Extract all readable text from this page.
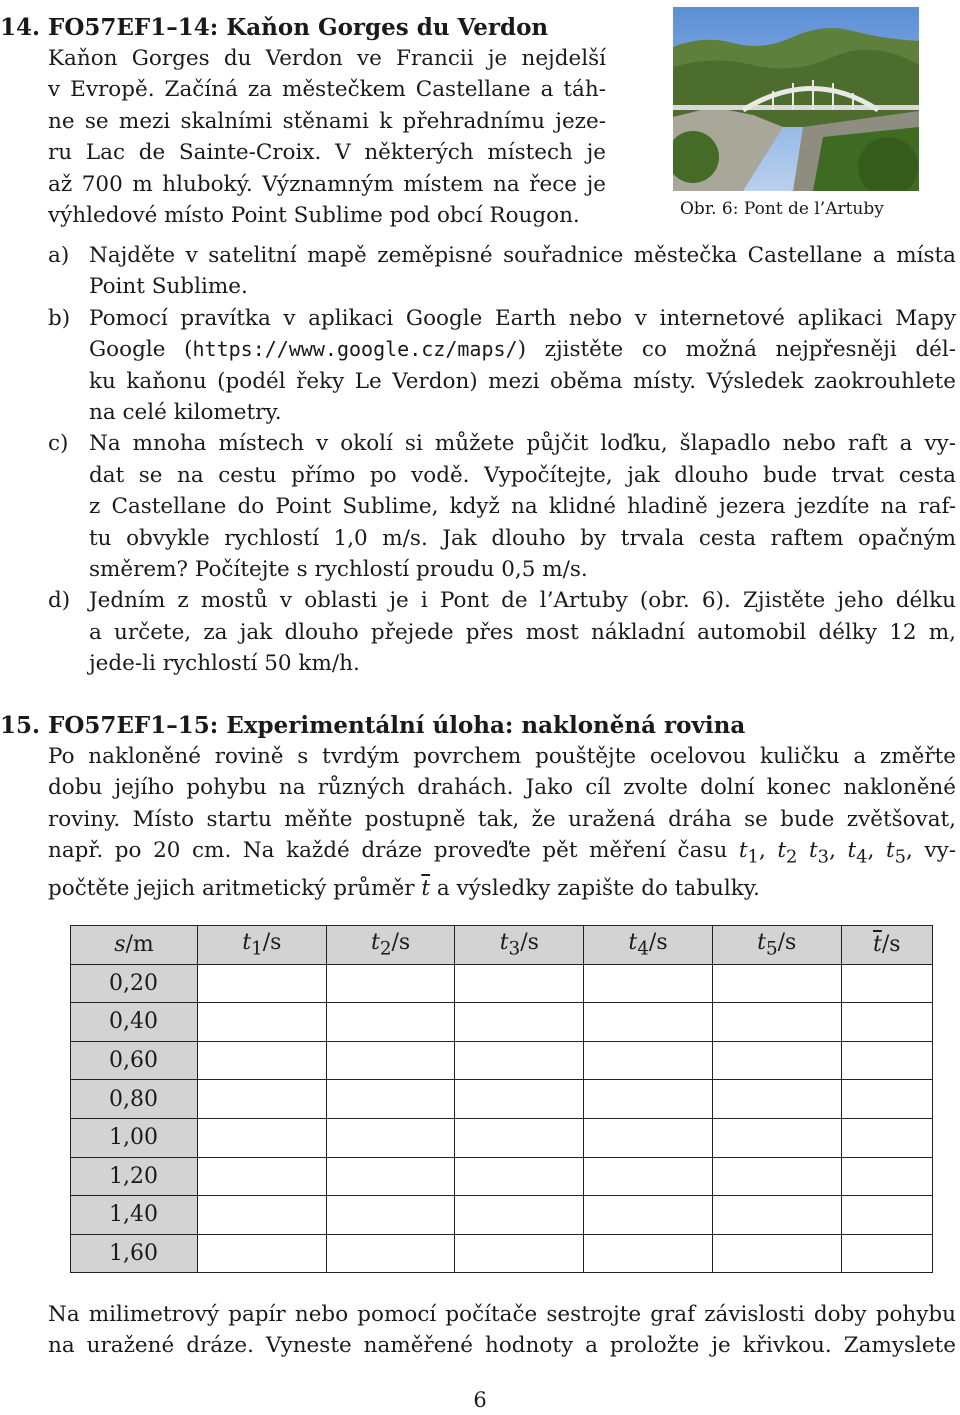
14. FO57EF1–14: Kaňon Gorges du Verdon
Kaňon Gorges du Verdon ve Francii je nejdelší
v Evropě. Začíná za městečkem Castellane a táh-
ne se mezi skalními stěnami k přehradnímu jeze-
ru Lac de Sainte-Croix. V některých místech je
až 700 m hluboký. Významným místem na řece je
výhledové místo Point Sublime pod obcí Rougon.	Obr. 6: Pont de l’Artuby
a) Najděte v satelitní mapě zeměpisné souřadnice městečka Castellane a místa
Point Sublime.
b) Pomocí pravítka v aplikaci Google Earth nebo v internetové aplikaci Mapy
Google (https://www.google.cz/maps/) zjistěte co možná nejpřesněji dél-
ku kaňonu (podél řeky Le Verdon) mezi oběma místy. Výsledek zaokrouhlete
na celé kilometry.
c) Na mnoha místech v okolí si můžete půjčit loďku, šlapadlo nebo raft a vy-
dat se na cestu přímo po vodě. Vypočítejte, jak dlouho bude trvat cesta
z Castellane do Point Sublime, když na klidné hladině jezera jezdíte na raf-
tu obvykle rychlostí 1,0 m/s. Jak dlouho by trvala cesta raftem opačným
směrem? Počítejte s rychlostí proudu 0,5 m/s.
d) Jedním z mostů v oblasti je i Pont de l’Artuby (obr. 6). Zjistěte jeho délku
a určete, za jak dlouho přejede přes most nákladní automobil délky 12 m,
jede-li rychlostí 50 km/h.
15. FO57EF1–15: Experimentální úloha: nakloněná rovina
Po nakloněné rovině s tvrdým povrchem pouštějte ocelovou kuličku a změřte
dobu jejího pohybu na různých drahách. Jako cíl zvolte dolní konec nakloněné
roviny. Místo startu měňte postupně tak, že uražená dráha se bude zvětšovat,
např. po 20 cm. Na každé dráze proveďte pět měření času $t_1$, $t_2$ $t_3$, $t_4$, $t_5$, vy-
počtěte jejich aritmetický průměr $\overline{t}$ a výsledky zapište do tabulky.
s/m	$t_1/s$	$t_2/s$	$t_3/s$	$t_4/s$	$t_5/s$	$\overline{t}/s$
0,20						
0,40						
0,60						
0,80						
1,00						
1,20						
1,40						
1,60						
Na milimetrový papír nebo pomocí počítače sestrojte graf závislosti doby pohybu
na uražené dráze. Vyneste naměřené hodnoty a proložte je křivkou. Zamyslete
6
